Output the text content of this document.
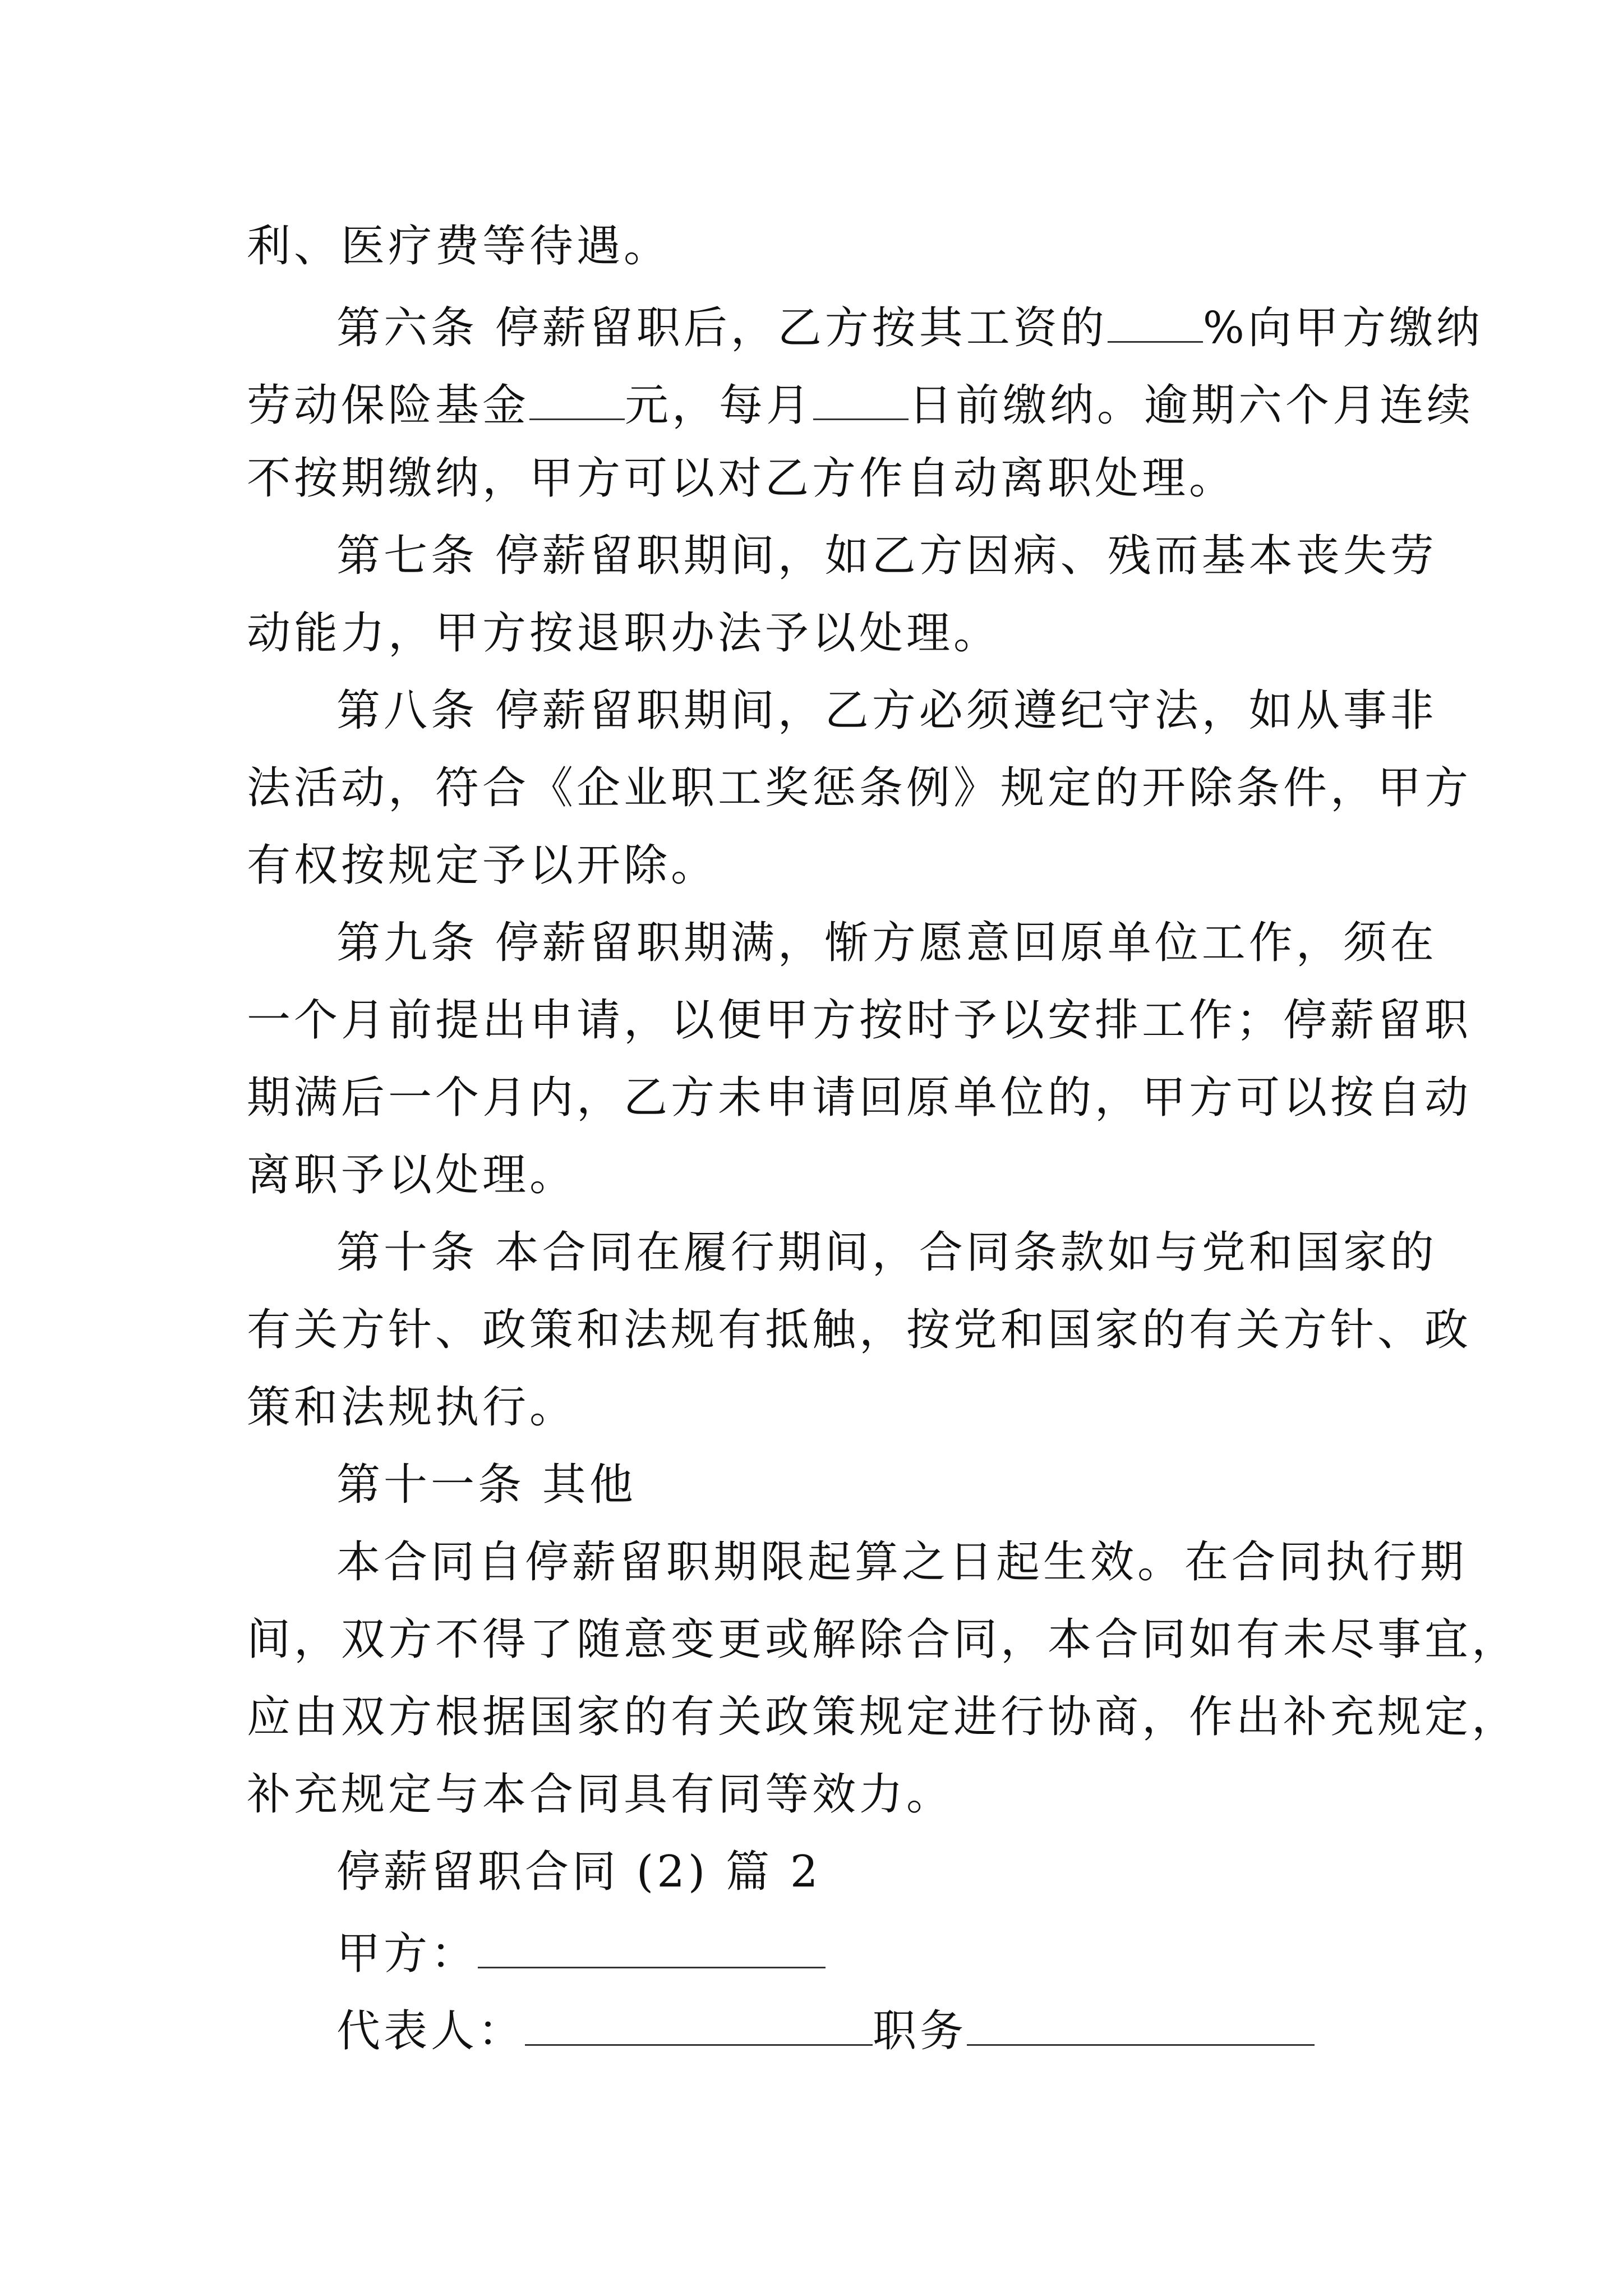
利、医疗费等待遇。
第六条 停薪留职后，乙方按其工资的 %向甲方缴纳
劳动保险基金 元，每月 日前缴纳。逾期六个月连续
不按期缴纳，甲方可以对乙方作自动离职处理。
第七条 停薪留职期间，如乙方因病、残而基本丧失劳
动能力，甲方按退职办法予以处理。
第八条 停薪留职期间，乙方必须遵纪守法，如从事非
法活动，符合《企业职工奖惩条例》规定的开除条件，甲方
有权按规定予以开除。
第九条 停薪留职期满，惭方愿意回原单位工作，须在
一个月前提出申请，以便甲方按时予以安排工作；停薪留职
期满后一个月内，乙方未申请回原单位的，甲方可以按自动
离职予以处理。
第十条 本合同在履行期间，合同条款如与党和国家的
有关方针、政策和法规有抵触，按党和国家的有关方针、政
策和法规执行。
第十一条 其他
本合同自停薪留职期限起算之日起生效。在合同执行期
间，双方不得了随意变更或解除合同，本合同如有未尽事宜，
应由双方根据国家的有关政策规定进行协商，作出补充规定，
补充规定与本合同具有同等效力。
停薪留职合同 (2) 篇 2
甲方：
代表人：	职务
